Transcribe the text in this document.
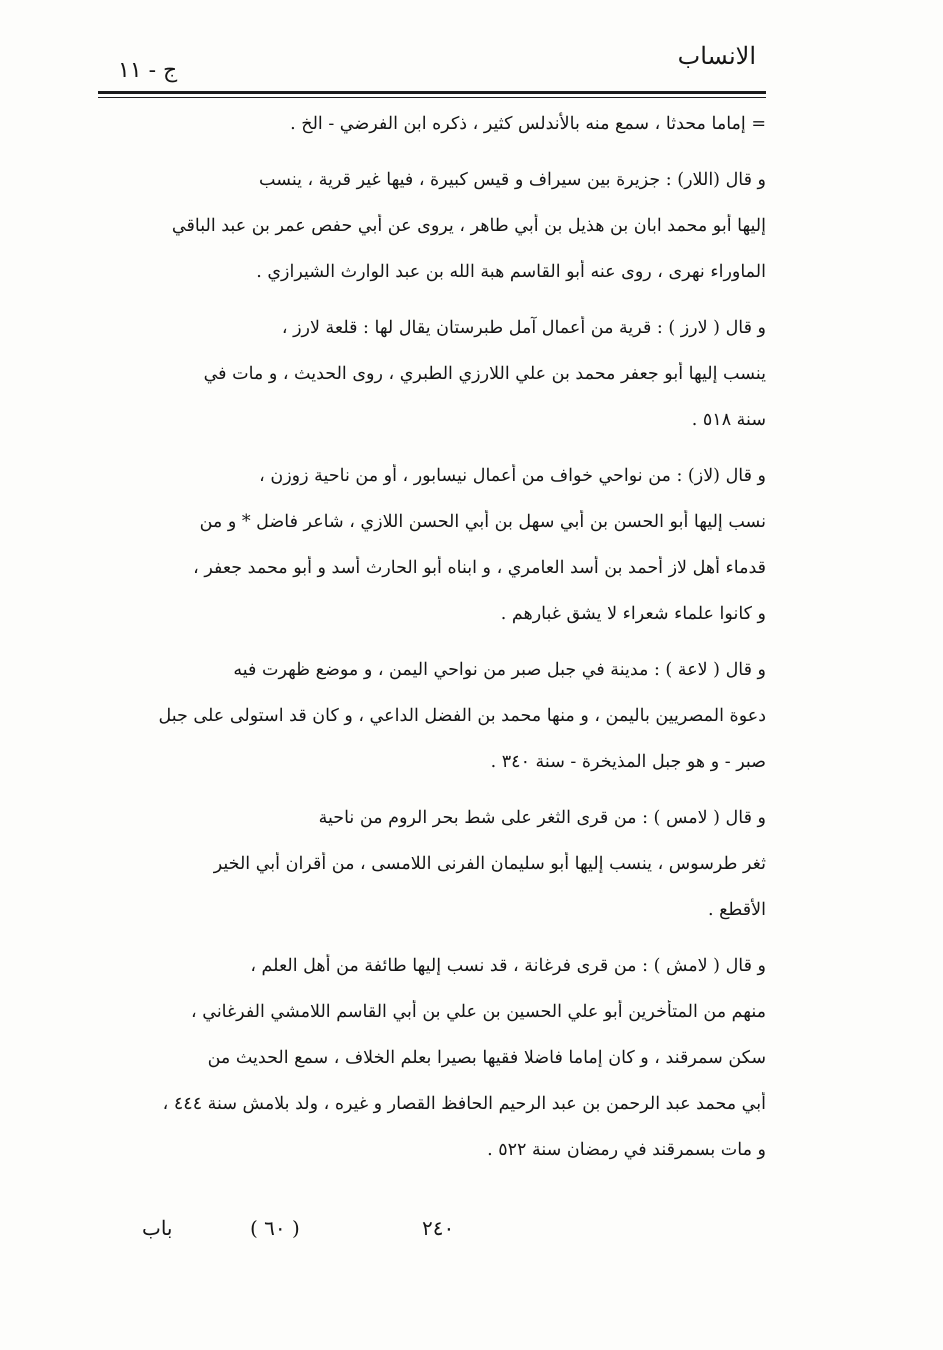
الانساب
ج - ١١
= إماما محدثا ، سمع منه بالأندلس كثير ، ذكره ابن الفرضي - الخ .
و قال (اللار) : جزيرة بين سيراف و قيس كبيرة ، فيها غير قرية ، ينسب
إليها أبو محمد ابان بن هذيل بن أبي طاهر ، يروى عن أبي حفص عمر بن عبد الباقي
الماوراء نهرى ، روى عنه أبو القاسم هبة الله بن عبد الوارث الشيرازي .
و قال ( لارز ) : قرية من أعمال آمل طبرستان يقال لها : قلعة لارز ،
ينسب إليها أبو جعفر محمد بن علي اللارزي الطبري ، روى الحديث ، و مات في
سنة ٥١٨ .
و قال (لاز) : من نواحي خواف من أعمال نيسابور ، أو من ناحية زوزن ،
نسب إليها أبو الحسن بن أبي سهل بن أبي الحسن اللازي ، شاعر فاضل * و من
قدماء أهل لاز أحمد بن أسد العامري ، و ابناه أبو الحارث أسد و أبو محمد جعفر ،
و كانوا علماء شعراء لا يشق غبارهم .
و قال ( لاعة ) : مدينة في جبل صبر من نواحي اليمن ، و موضع ظهرت فيه
دعوة المصريين باليمن ، و منها محمد بن الفضل الداعي ، و كان قد استولى على جبل
صبر - و هو جبل المذيخرة - سنة ٣٤٠ .
و قال ( لامس ) : من قرى الثغر على شط بحر الروم من ناحية
ثغر طرسوس ، ينسب إليها أبو سليمان الفرنى اللامسى ، من أقران أبي الخير
الأقطع .
و قال ( لامش ) : من قرى فرغانة ، قد نسب إليها طائفة من أهل العلم ،
منهم من المتأخرين أبو علي الحسين بن علي بن أبي القاسم اللامشي الفرغاني ،
سكن سمرقند ، و كان إماما فاضلا فقيها بصيرا بعلم الخلاف ، سمع الحديث من
أبي محمد عبد الرحمن بن عبد الرحيم الحافظ القصار و غيره ، ولد بلامش سنة ٤٤٤ ،
و مات بسمرقند في رمضان سنة ٥٢٢ .
باب	( ٦٠ )	٢٤٠
